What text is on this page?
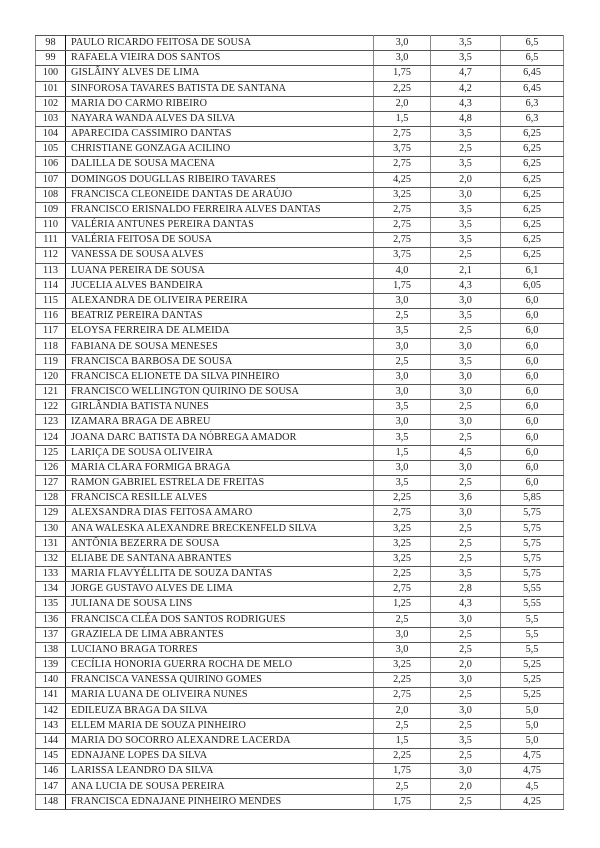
98	PAULO RICARDO FEITOSA DE SOUSA	3,0	3,5	6,5
99	RAFAELA VIEIRA DOS SANTOS	3,0	3,5	6,5
100	GISLÂINY ALVES DE LIMA	1,75	4,7	6,45
101	SINFOROSA TAVARES BATISTA DE SANTANA	2,25	4,2	6,45
102	MARIA DO CARMO RIBEIRO	2,0	4,3	6,3
103	NAYARA WANDA ALVES DA SILVA	1,5	4,8	6,3
104	APARECIDA CASSIMIRO DANTAS	2,75	3,5	6,25
105	CHRISTIANE GONZAGA ACILINO	3,75	2,5	6,25
106	DALILLA DE SOUSA MACENA	2,75	3,5	6,25
107	DOMINGOS DOUGLLAS RIBEIRO TAVARES	4,25	2,0	6,25
108	FRANCISCA CLEONEIDE DANTAS DE ARAÚJO	3,25	3,0	6,25
109	FRANCISCO ERISNALDO FERREIRA ALVES DANTAS	2,75	3,5	6,25
110	VALÉRIA ANTUNES PEREIRA DANTAS	2,75	3,5	6,25
111	VALÉRIA FEITOSA DE SOUSA	2,75	3,5	6,25
112	VANESSA DE SOUSA ALVES	3,75	2,5	6,25
113	LUANA PEREIRA DE SOUSA	4,0	2,1	6,1
114	JUCELIA ALVES BANDEIRA	1,75	4,3	6,05
115	ALEXANDRA DE OLIVEIRA PEREIRA	3,0	3,0	6,0
116	BEATRIZ PEREIRA DANTAS	2,5	3,5	6,0
117	ELOYSA FERREIRA DE ALMEIDA	3,5	2,5	6,0
118	FABIANA DE SOUSA MENESES	3,0	3,0	6,0
119	FRANCISCA BARBOSA DE SOUSA	2,5	3,5	6,0
120	FRANCISCA ELIONETE DA SILVA PINHEIRO	3,0	3,0	6,0
121	FRANCISCO WELLINGTON QUIRINO DE SOUSA	3,0	3,0	6,0
122	GIRLÂNDIA BATISTA NUNES	3,5	2,5	6,0
123	IZAMARA BRAGA DE ABREU	3,0	3,0	6,0
124	JOANA DARC BATISTA DA NÓBREGA AMADOR	3,5	2,5	6,0
125	LARIÇA DE SOUSA OLIVEIRA	1,5	4,5	6,0
126	MARIA CLARA FORMIGA BRAGA	3,0	3,0	6,0
127	RAMON GABRIEL ESTRELA DE FREITAS	3,5	2,5	6,0
128	FRANCISCA RESILLE ALVES	2,25	3,6	5,85
129	ALEXSANDRA DIAS FEITOSA AMARO	2,75	3,0	5,75
130	ANA WALESKA ALEXANDRE BRECKENFELD SILVA	3,25	2,5	5,75
131	ANTÔNIA BEZERRA DE SOUSA	3,25	2,5	5,75
132	ELIABE DE SANTANA ABRANTES	3,25	2,5	5,75
133	MARIA FLAVYÉLLITA DE SOUZA DANTAS	2,25	3,5	5,75
134	JORGE GUSTAVO ALVES DE LIMA	2,75	2,8	5,55
135	JULIANA DE SOUSA LINS	1,25	4,3	5,55
136	FRANCISCA CLÉA DOS SANTOS RODRIGUES	2,5	3,0	5,5
137	GRAZIELA DE LIMA ABRANTES	3,0	2,5	5,5
138	LUCIANO BRAGA TORRES	3,0	2,5	5,5
139	CECÍLIA HONORIA GUERRA ROCHA DE MELO	3,25	2,0	5,25
140	FRANCISCA VANESSA QUIRINO GOMES	2,25	3,0	5,25
141	MARIA LUANA DE OLIVEIRA NUNES	2,75	2,5	5,25
142	EDILEUZA BRAGA DA SILVA	2,0	3,0	5,0
143	ELLEM MARIA DE SOUZA PINHEIRO	2,5	2,5	5,0
144	MARIA DO SOCORRO ALEXANDRE LACERDA	1,5	3,5	5,0
145	EDNAJANE LOPES DA SILVA	2,25	2,5	4,75
146	LARISSA LEANDRO DA SILVA	1,75	3,0	4,75
147	ANA LUCIA DE SOUSA PEREIRA	2,5	2,0	4,5
148	FRANCISCA EDNAJANE PINHEIRO MENDES	1,75	2,5	4,25
